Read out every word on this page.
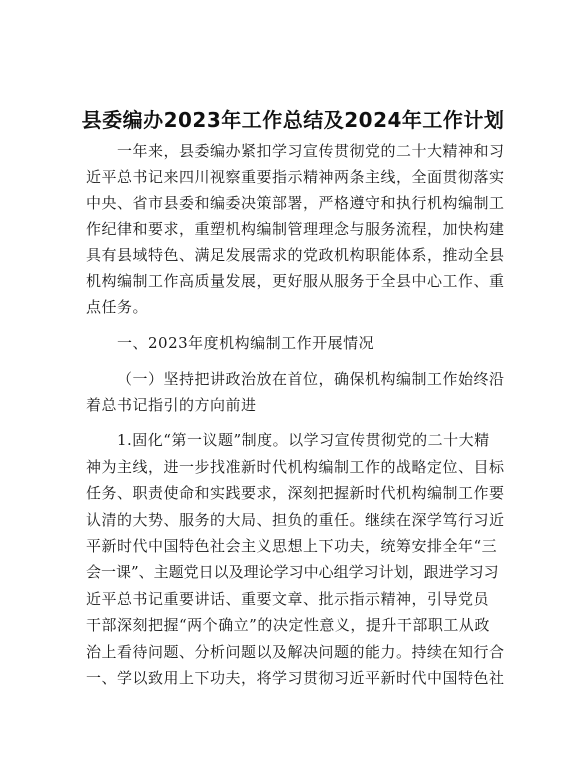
县委编办2023年工作总结及2024年工作计划
一年来，县委编办紧扣学习宣传贯彻党的二十大精神和习
近平总书记来四川视察重要指示精神两条主线，全面贯彻落实
中央、省市县委和编委决策部署，严格遵守和执行机构编制工
作纪律和要求，重塑机构编制管理理念与服务流程，加快构建
具有县域特色、满足发展需求的党政机构职能体系，推动全县
机构编制工作高质量发展，更好服从服务于全县中心工作、重
点任务。
一、2023年度机构编制工作开展情况
（一）坚持把讲政治放在首位，确保机构编制工作始终沿
着总书记指引的方向前进
1.固化“第一议题”制度。以学习宣传贯彻党的二十大精
神为主线，进一步找准新时代机构编制工作的战略定位、目标
任务、职责使命和实践要求，深刻把握新时代机构编制工作要
认清的大势、服务的大局、担负的重任。继续在深学笃行习近
平新时代中国特色社会主义思想上下功夫，统筹安排全年“三
会一课”、主题党日以及理论学习中心组学习计划，跟进学习习
近平总书记重要讲话、重要文章、批示指示精神，引导党员
干部深刻把握“两个确立”的决定性意义，提升干部职工从政
治上看待问题、分析问题以及解决问题的能力。持续在知行合
一、学以致用上下功夫，将学习贯彻习近平新时代中国特色社
